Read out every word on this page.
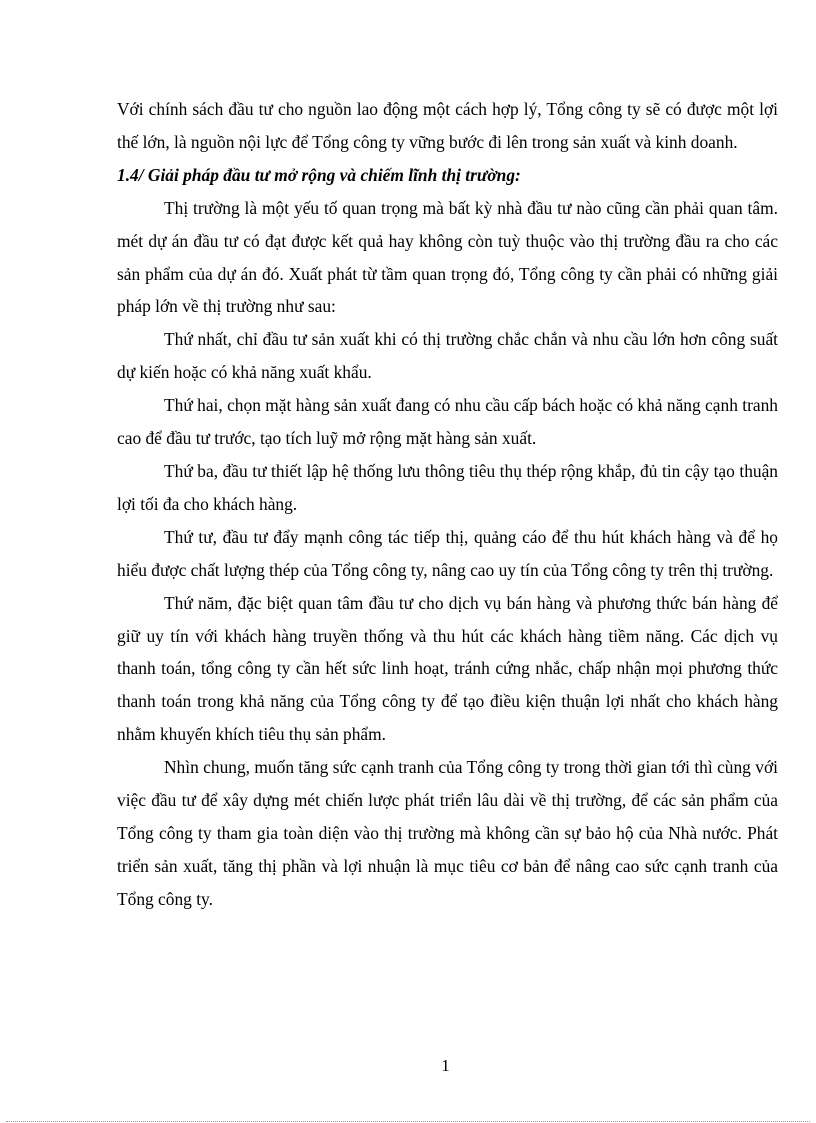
Với chính sách đầu tư cho nguồn lao động một cách hợp lý, Tổng công ty sẽ có được một lợi thế lớn, là nguồn nội lực để Tổng công ty vững bước đi lên trong sản xuất và kinh doanh.

1.4/ Giải pháp đầu tư mở rộng và chiếm lĩnh thị trường:

Thị trường là một yếu tố quan trọng mà bất kỳ nhà đầu tư nào cũng cần phải quan tâm. mét dự án đầu tư có đạt được kết quả hay không còn tuỳ thuộc vào thị trường đầu ra cho các sản phẩm của dự án đó. Xuất phát từ tầm quan trọng đó, Tổng công ty cần phải có những giải pháp lớn về thị trường như sau:

Thứ nhất, chỉ đầu tư sản xuất khi có thị trường chắc chắn và nhu cầu lớn hơn công suất dự kiến hoặc có khả năng xuất khẩu.

Thứ hai, chọn mặt hàng sản xuất đang có nhu cầu cấp bách hoặc có khả năng cạnh tranh cao để đầu tư trước, tạo tích luỹ mở rộng mặt hàng sản xuất.

Thứ ba, đầu tư thiết lập hệ thống lưu thông tiêu thụ thép rộng khắp, đủ tin cậy tạo thuận lợi tối đa cho khách hàng.

Thứ tư, đầu tư đẩy mạnh công tác tiếp thị, quảng cáo để thu hút khách hàng và để họ hiểu được chất lượng thép của Tổng công ty, nâng cao uy tín của Tổng công ty trên thị trường.

Thứ năm, đặc biệt quan tâm đầu tư cho dịch vụ bán hàng và phương thức bán hàng để giữ uy tín với khách hàng truyền thống và thu hút các khách hàng tiềm năng. Các dịch vụ thanh toán, tổng công ty cần hết sức linh hoạt, tránh cứng nhắc, chấp nhận mọi phương thức thanh toán trong khả năng của Tổng công ty để tạo điều kiện thuận lợi nhất cho khách hàng nhằm khuyến khích tiêu thụ sản phẩm.

Nhìn chung, muốn tăng sức cạnh tranh của Tổng công ty trong thời gian tới thì cùng với việc đầu tư để xây dựng mét chiến lược phát triển lâu dài về thị trường, để các sản phẩm của Tổng công ty tham gia toàn diện vào thị trường mà không cần sự bảo hộ của Nhà nước. Phát triển sản xuất, tăng thị phần và lợi nhuận là mục tiêu cơ bản để nâng cao sức cạnh tranh của Tổng công ty.

1
